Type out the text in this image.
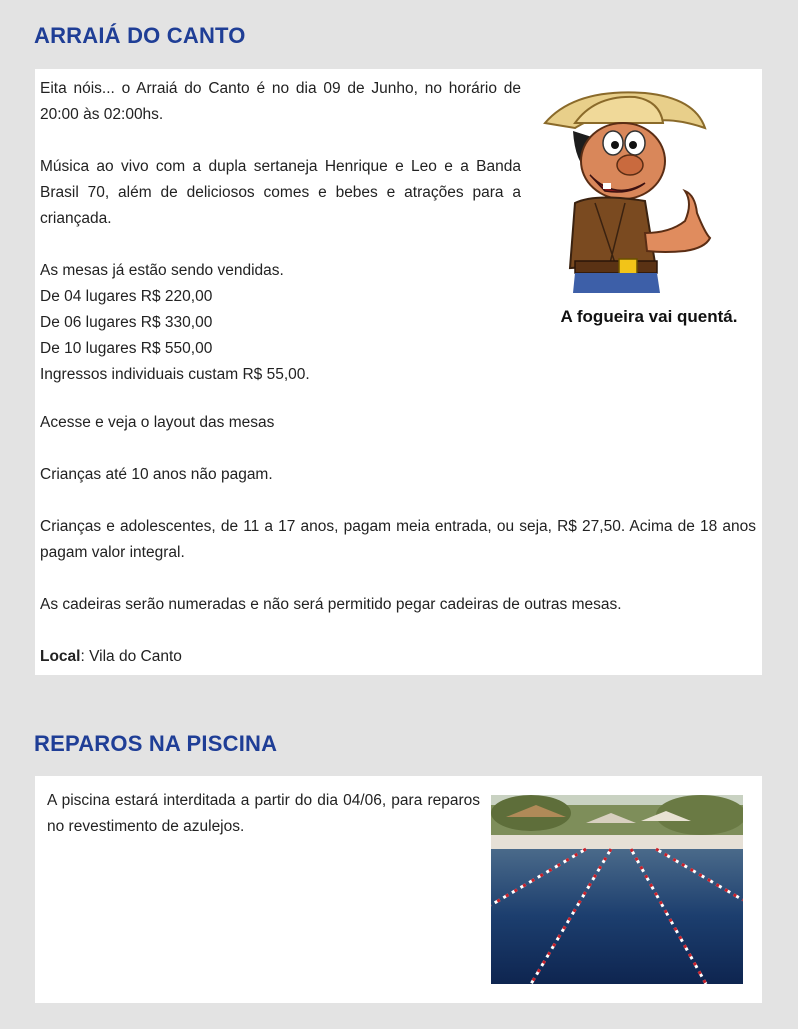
ARRAIÁ DO CANTO

Eita nóis... o Arraiá do Canto é no dia 09 de Junho, no horário de 20:00 às 02:00hs.

Música ao vivo com a dupla sertaneja Henrique e Leo e a Banda Brasil 70, além de deliciosos comes e bebes e atrações para a criançada.

As mesas já estão sendo vendidas.

De 04 lugares R$ 220,00

De 06 lugares R$ 330,00

De 10 lugares R$ 550,00

Ingressos individuais custam R$ 55,00.

Acesse e veja o layout das mesas

Crianças até 10 anos não pagam.

Crianças e adolescentes, de 11 a 17 anos, pagam meia entrada, ou seja, R$ 27,50. Acima de 18 anos pagam valor integral.

As cadeiras serão numeradas e não será permitido pegar cadeiras de outras mesas.

Local: Vila do Canto

A fogueira vai quentá.
REPAROS NA PISCINA
A piscina estará interditada a partir do dia 04/06, para reparos no revestimento de azulejos.
